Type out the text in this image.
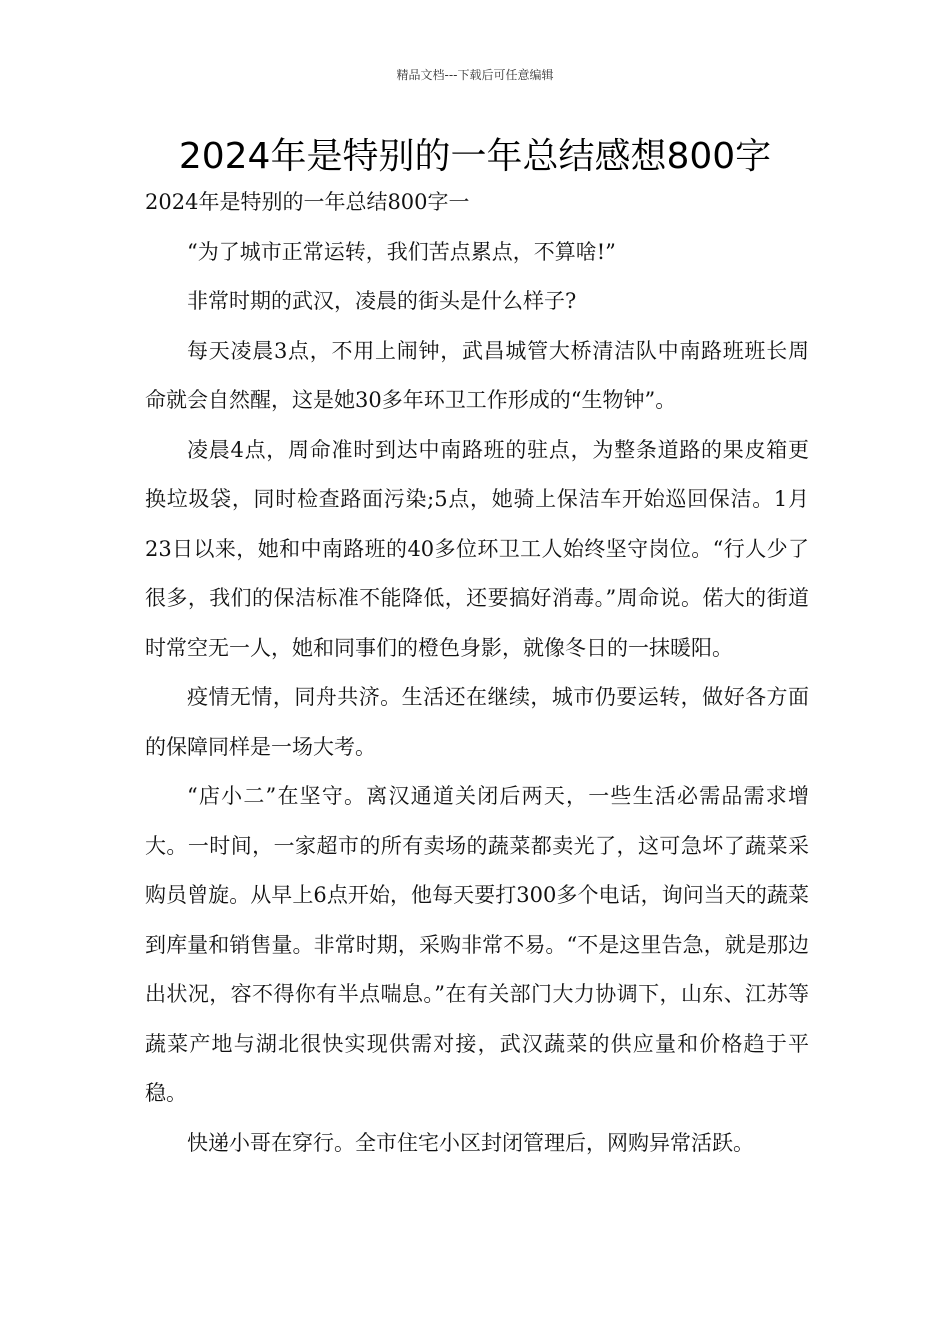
精品文档---下载后可任意编辑
2024年是特别的一年总结感想800字

2024年是特别的一年总结800字一

“为了城市正常运转，我们苦点累点，不算啥!”

非常时期的武汉，凌晨的街头是什么样子?

每天凌晨3点，不用上闹钟，武昌城管大桥清洁队中南路班班长周命就会自然醒，这是她30多年环卫工作形成的“生物钟”。

凌晨4点，周命准时到达中南路班的驻点，为整条道路的果皮箱更换垃圾袋，同时检查路面污染;5点，她骑上保洁车开始巡回保洁。1月23日以来，她和中南路班的40多位环卫工人始终坚守岗位。“行人少了很多，我们的保洁标准不能降低，还要搞好消毒。”周命说。偌大的街道时常空无一人，她和同事们的橙色身影，就像冬日的一抹暖阳。

疫情无情，同舟共济。生活还在继续，城市仍要运转，做好各方面的保障同样是一场大考。

“店小二”在坚守。离汉通道关闭后两天，一些生活必需品需求增大。一时间，一家超市的所有卖场的蔬菜都卖光了，这可急坏了蔬菜采购员曾旋。从早上6点开始，他每天要打300多个电话，询问当天的蔬菜到库量和销售量。非常时期，采购非常不易。“不是这里告急，就是那边出状况，容不得你有半点喘息。”在有关部门大力协调下，山东、江苏等蔬菜产地与湖北很快实现供需对接，武汉蔬菜的供应量和价格趋于平稳。

快递小哥在穿行。全市住宅小区封闭管理后，网购异常活跃。
